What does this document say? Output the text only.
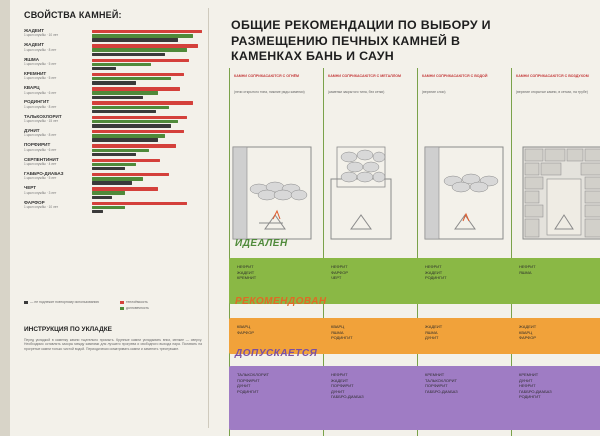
СВОЙСТВА КАМНЕЙ:
ЖАДЕИТ
1 цикл службы · 10 лет
ЖАДЕИТ
1 цикл службы · 8 лет
ЯШМА
1 цикл службы · 5 лет
КРЕМНИТ
1 цикл службы · 5 лет
КВАРЦ
1 цикл службы · 6 лет
РОДИНГИТ
1 цикл службы · 8 лет
ТАЛЬКОХЛОРИТ
1 цикл службы · 15 лет
ДУНИТ
1 цикл службы · 8 лет
ПОРФИРИТ
1 цикл службы · 6 лет
СЕРПЕНТИНИТ
1 цикл службы · 4 лет
ГАББРО-ДИАБАЗ
1 цикл службы · 5 лет
ЧЕРТ
1 цикл службы · 3 лет
ФАРФОР
1 цикл службы · 10 лет
— не подлежит повторному использованию	теплоёмкость
долговечность
ИНСТРУКЦИЯ ПО УКЛАДКЕ
Перед укладкой в каменку камни тщательно промыть. Крупные камни укладывать вниз, мелкие — сверху. Необходимо оставлять зазоры между камнями для лучшего прогрева и свободного выхода пара. Поливать на прогретые камни только чистой водой. Периодически осматривать камни и заменять треснувшие.
ОБЩИЕ РЕКОМЕНДАЦИИ ПО ВЫБОРУ И РАЗМЕЩЕНИЮ ПЕЧНЫХ КАМНЕЙ В КАМЕНКАХ БАНЬ И САУН
КАМНИ СОПРИКАСАЮТСЯ С ОГНЁМ
(печи открытого типа, нижние ряды каменки)
КАМНИ СОПРИКАСАЮТСЯ С МЕТАЛЛОМ
(каменки закрытого типа, без сетки)
КАМНИ СОПРИКАСАЮТСЯ С ВОДОЙ
(верхние слои)
КАМНИ СОПРИКАСАЮТСЯ С ВОЗДУХОМ
(верхние открытые камни, в сетках, на трубе)
ИДЕАЛЕН
НЕФРИТ
ЖАДЕИТ
КРЕМНИТ
НЕФРИТ
ФАРФОР
ЧЕРТ
НЕФРИТ
ЖАДЕИТ
РОДИНГИТ
НЕФРИТ
ЯШМА
РЕКОМЕНДОВАН
КВАРЦ
ФАРФОР
КВАРЦ
ЯШМА
РОДИНГИТ
ЖАДЕИТ
ЯШМА
ДУНИТ
ЖАДЕИТ
КВАРЦ
ФАРФОР
ДОПУСКАЕТСЯ
ТАЛЬКОХЛОРИТ
ПОРФИРИТ
ДУНИТ
РОДИНГИТ
НЕФРИТ
ЖАДЕИТ
ПОРФИРИТ
ДУНИТ
ГАББРО-ДИАБАЗ
КРЕМНИТ
ТАЛЬКОХЛОРИТ
ПОРФИРИТ
ГАББРО-ДИАБАЗ
КРЕМНИТ
ДУНИТ
НЕФРИТ
ГАББРО-ДИАБАЗ
РОДИНГИТ
